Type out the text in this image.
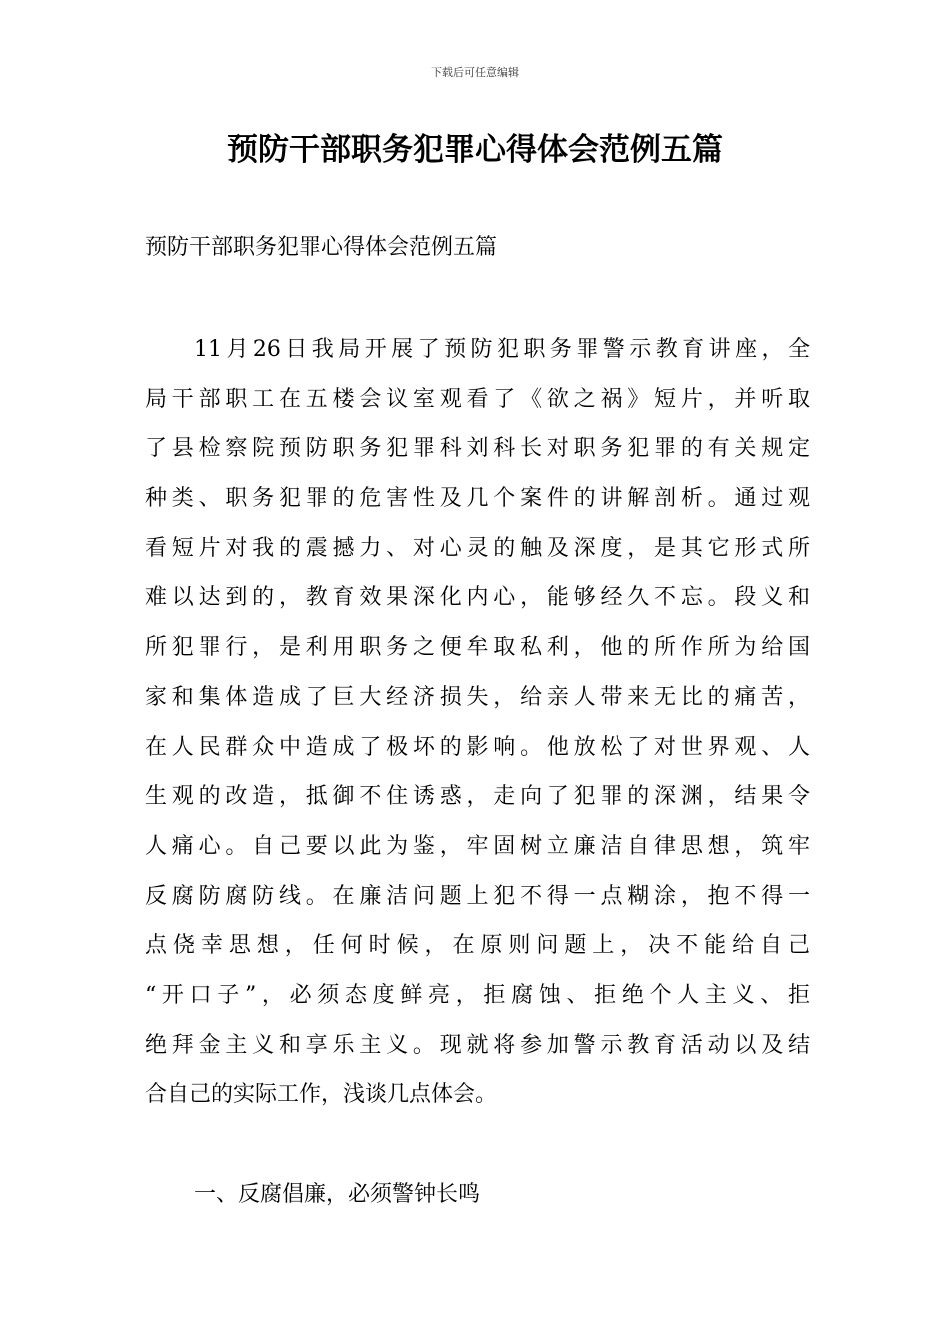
下载后可任意编辑
预防干部职务犯罪心得体会范例五篇

预防干部职务犯罪心得体会范例五篇

11月26日我局开展了预防犯职务罪警示教育讲座，全
局干部职工在五楼会议室观看了《欲之祸》短片，并听取
了县检察院预防职务犯罪科刘科长对职务犯罪的有关规定
种类、职务犯罪的危害性及几个案件的讲解剖析。通过观
看短片对我的震撼力、对心灵的触及深度，是其它形式所
难以达到的，教育效果深化内心，能够经久不忘。段义和
所犯罪行，是利用职务之便牟取私利，他的所作所为给国
家和集体造成了巨大经济损失，给亲人带来无比的痛苦，
在人民群众中造成了极坏的影响。他放松了对世界观、人
生观的改造，抵御不住诱惑，走向了犯罪的深渊，结果令
人痛心。自己要以此为鉴，牢固树立廉洁自律思想，筑牢
反腐防腐防线。在廉洁问题上犯不得一点糊涂，抱不得一
点侥幸思想，任何时候，在原则问题上，决不能给自己
“开口子”，必须态度鲜亮，拒腐蚀、拒绝个人主义、拒
绝拜金主义和享乐主义。现就将参加警示教育活动以及结
合自己的实际工作，浅谈几点体会。

一、反腐倡廉，必须警钟长鸣
